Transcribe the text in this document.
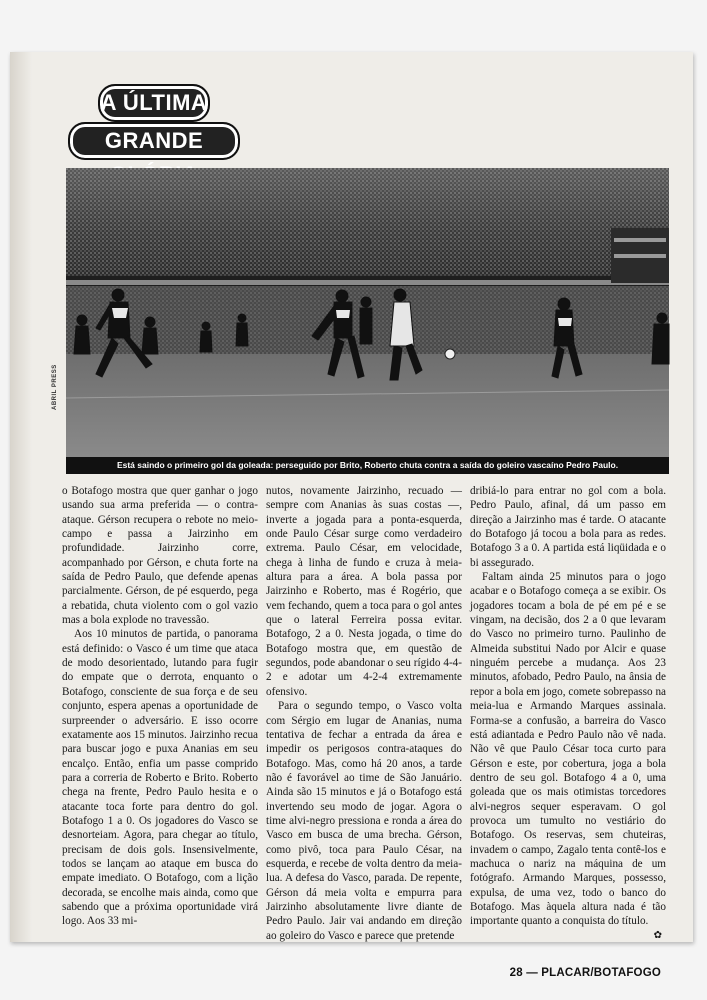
A ÚLTIMA
GRANDE
ABRIL PRESS
Está saindo o primeiro gol da goleada: perseguido por Brito, Roberto chuta contra a saída do goleiro vascaíno Pedro Paulo.

o Botafogo mostra que quer ganhar o jogo usando sua arma preferida — o contra-ataque. Gérson recupera o rebote no meio-campo e passa a Jairzinho em profundidade. Jairzinho corre, acompanhado por Gérson, e chuta forte na saída de Pedro Paulo, que defende apenas parcialmente. Gérson, de pé esquerdo, pega a rebatida, chuta violento com o gol vazio mas a bola explode no travessão.

Aos 10 minutos de partida, o panorama está definido: o Vasco é um time que ataca de modo desorientado, lutando para fugir do empate que o derrota, enquanto o Botafogo, consciente de sua força e de seu conjunto, espera apenas a oportunidade de surpreender o adversário. E isso ocorre exatamente aos 15 minutos. Jairzinho recua para buscar jogo e puxa Ananias em seu encalço. Então, enfia um passe comprido para a correria de Roberto e Brito. Roberto chega na frente, Pedro Paulo hesita e o atacante toca forte para dentro do gol. Botafogo 1 a 0. Os jogadores do Vasco se desnorteiam. Agora, para chegar ao título, precisam de dois gols. Insensivelmente, todos se lançam ao ataque em busca do empate imediato. O Botafogo, com a lição decorada, se encolhe mais ainda, como que sabendo que a próxima oportunidade virá logo. Aos 33 mi-

nutos, novamente Jairzinho, recuado — sempre com Ananias às suas costas —, inverte a jogada para a ponta-esquerda, onde Paulo César surge como verdadeiro extrema. Paulo César, em velocidade, chega à linha de fundo e cruza à meia-altura para a área. A bola passa por Jairzinho e Roberto, mas é Rogério, que vem fechando, quem a toca para o gol antes que o lateral Ferreira possa evitar. Botafogo, 2 a 0. Nesta jogada, o time do Botafogo mostra que, em questão de segundos, pode abandonar o seu rígido 4-4-2 e adotar um 4-2-4 extremamente ofensivo.

Para o segundo tempo, o Vasco volta com Sérgio em lugar de Ananias, numa tentativa de fechar a entrada da área e impedir os perigosos contra-ataques do Botafogo. Mas, como há 20 anos, a tarde não é favorável ao time de São Januário. Ainda são 15 minutos e já o Botafogo está invertendo seu modo de jogar. Agora o time alvi-negro pressiona e ronda a área do Vasco em busca de uma brecha. Gérson, como pivô, toca para Paulo César, na esquerda, e recebe de volta dentro da meia-lua. A defesa do Vasco, parada. De repente, Gérson dá meia volta e empurra para Jairzinho absolutamente livre diante de Pedro Paulo. Jair vai andando em direção ao goleiro do Vasco e parece que pretende

dribiá-lo para entrar no gol com a bola. Pedro Paulo, afinal, dá um passo em direção a Jairzinho mas é tarde. O atacante do Botafogo já tocou a bola para as redes. Botafogo 3 a 0. A partida está liqüidada e o bi assegurado.

Faltam ainda 25 minutos para o jogo acabar e o Botafogo começa a se exibir. Os jogadores tocam a bola de pé em pé e se vingam, na decisão, dos 2 a 0 que levaram do Vasco no primeiro turno. Paulinho de Almeida substitui Nado por Alcir e quase ninguém percebe a mudança. Aos 23 minutos, afobado, Pedro Paulo, na ânsia de repor a bola em jogo, comete sobrepasso na meia-lua e Armando Marques assinala. Forma-se a confusão, a barreira do Vasco está adiantada e Pedro Paulo não vê nada. Não vê que Paulo César toca curto para Gérson e este, por cobertura, joga a bola dentro de seu gol. Botafogo 4 a 0, uma goleada que os mais otimistas torcedores alvi-negros sequer esperavam. O gol provoca um tumulto no vestiário do Botafogo. Os reservas, sem chuteiras, invadem o campo, Zagalo tenta contê-los e machuca o nariz na máquina de um fotógrafo. Armando Marques, possesso, expulsa, de uma vez, todo o banco do Botafogo. Mas àquela altura nada é tão importante quanto a conquista do título.

✿

28 — PLACAR/BOTAFOGO
